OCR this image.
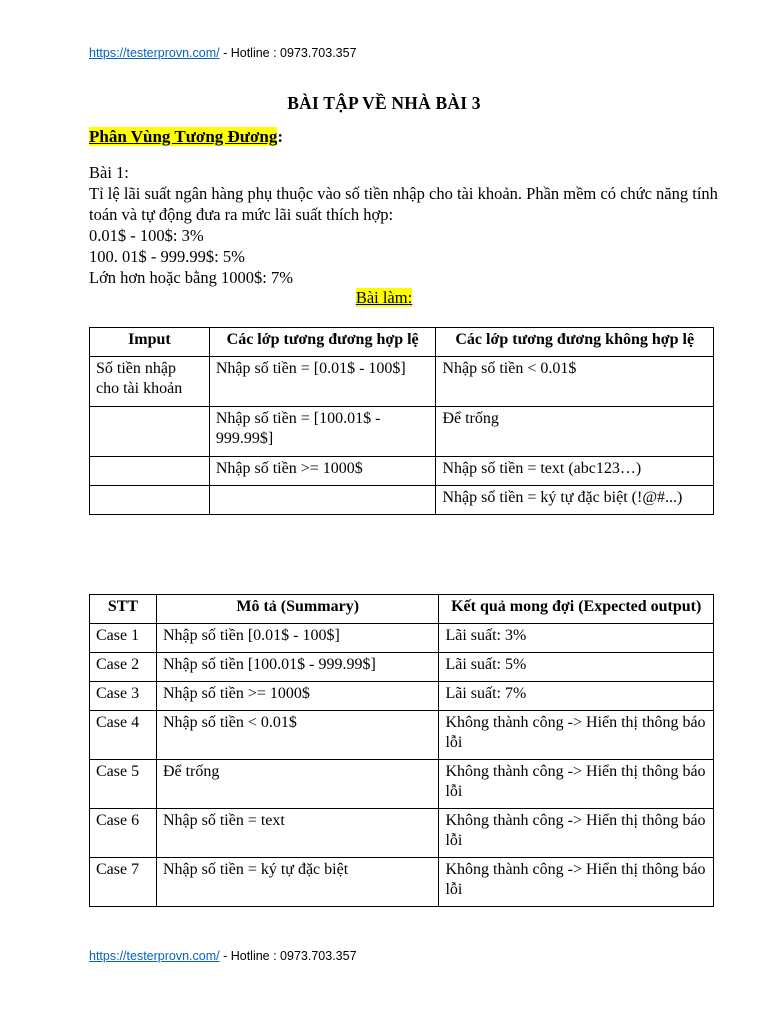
https://testerprovn.com/ - Hotline : 0973.703.357
BÀI TẬP VỀ NHÀ BÀI 3
Phân Vùng Tương Đương:

Bài 1:

Tỉ lệ lãi suất ngân hàng phụ thuộc vào số tiền nhập cho tài khoản. Phần mềm có chức năng tính toán và tự động đưa ra mức lãi suất thích hợp:

0.01$ - 100$: 3%

100. 01$ - 999.99$: 5%

Lớn hơn hoặc bằng 1000$: 7%

Bài làm:
Imput	Các lớp tương đương hợp lệ	Các lớp tương đương không hợp lệ
Số tiền nhập cho tài khoản	Nhập số tiền = [0.01$ - 100$]	Nhập số tiền < 0.01$
	Nhập số tiền = [100.01$ - 999.99$]	Để trống
	Nhập số tiền >= 1000$	Nhập số tiền = text (abc123…)
		Nhập số tiền = ký tự đặc biệt (!@#...)
STT	Mô tả (Summary)	Kết quả mong đợi (Expected output)
Case 1	Nhập số tiền [0.01$ - 100$]	Lãi suất: 3%
Case 2	Nhập số tiền [100.01$ - 999.99$]	Lãi suất: 5%
Case 3	Nhập số tiền >= 1000$	Lãi suất: 7%
Case 4	Nhập số tiền < 0.01$	Không thành công -> Hiển thị thông báo lỗi
Case 5	Để trống	Không thành công -> Hiển thị thông báo lỗi
Case 6	Nhập số tiền = text	Không thành công -> Hiển thị thông báo lỗi
Case 7	Nhập số tiền = ký tự đặc biệt	Không thành công -> Hiển thị thông báo lỗi
https://testerprovn.com/ - Hotline : 0973.703.357
